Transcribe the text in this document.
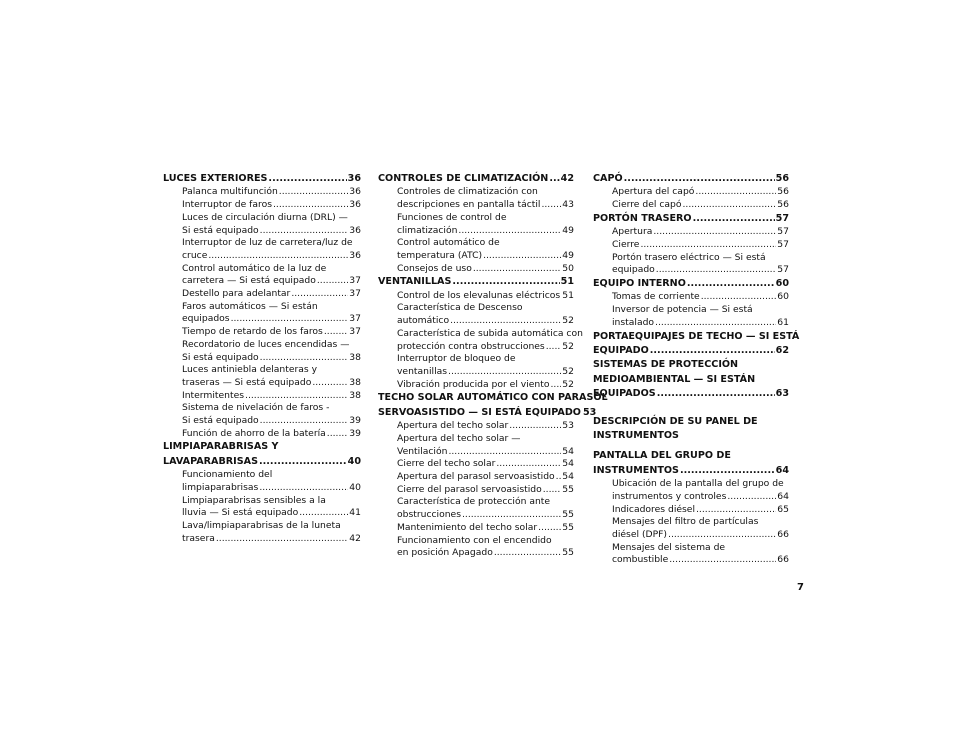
LUCES EXTERIORES .....	36
Palanca multifunción .....	36
Interruptor de faros .....	36
Luces de circulación diurna (DRL) —
Si está equipado .....	36
Interruptor de luz de carretera/luz de
cruce .....	36
Control automático de la luz de
carretera — Si está equipado .....	37
Destello para adelantar .....	37
Faros automáticos — Si están
equipados .....	37
Tiempo de retardo de los faros .....	37
Recordatorio de luces encendidas —
Si está equipado .....	38
Luces antiniebla delanteras y
traseras — Si está equipado .....	38
Intermitentes .....	38
Sistema de nivelación de faros -
Si está equipado .....	39
Función de ahorro de la batería .....	39
LIMPIAPARABRISAS Y
LAVAPARABRISAS .....	40
Funcionamiento del
limpiaparabrisas .....	40
Limpiaparabrisas sensibles a la
lluvia — Si está equipado .....	41
Lava/limpiaparabrisas de la luneta
trasera .....	42
CONTROLES DE CLIMATIZACIÓN ..... 42
Controles de climatización con
descripciones en pantalla táctil ..... 43
Funciones de control de
climatización .....	49
Control automático de
temperatura (ATC) .....	49
Consejos de uso .....	50
VENTANILLAS .....	51
Control de los elevalunas eléctricos ..... 51
Característica de Descenso
automático .....	52
Característica de subida automática con
protección contra obstrucciones ..... 52
Interruptor de bloqueo de
ventanillas .....	52
Vibración producida por el viento ..... 52
TECHO SOLAR AUTOMÁTICO CON PARASOL
SERVOASISTIDO — SI ESTÁ EQUIPADO 53
Apertura del techo solar .....	53
Apertura del techo solar —
Ventilación .....	54
Cierre del techo solar .....	54
Apertura del parasol servoasistido ..... 54
Cierre del parasol servoasistido ..... 55
Característica de protección ante
obstrucciones .....	55
Mantenimiento del techo solar .....	55
Funcionamiento con el encendido
en posición Apagado .....	55
CAPÓ .....	56
Apertura del capó .....	56
Cierre del capó .....	56
PORTÓN TRASERO .....	57
Apertura .....	57
Cierre .....	57
Portón trasero eléctrico — Si está
equipado .....	57
EQUIPO INTERNO .....	60
Tomas de corriente .....	60
Inversor de potencia — Si está
instalado .....	61
PORTAEQUIPAJES DE TECHO — SI ESTÁ
EQUIPADO .....	62
SISTEMAS DE PROTECCIÓN
MEDIOAMBIENTAL — SI ESTÁN
EQUIPADOS .....	63
DESCRIPCIÓN DE SU PANEL DE
INSTRUMENTOS
PANTALLA DEL GRUPO DE
INSTRUMENTOS .....	64
Ubicación de la pantalla del grupo de
instrumentos y controles .....	64
Indicadores diésel .....	65
Mensajes del filtro de partículas
diésel (DPF) .....	66
Mensajes del sistema de
combustible .....	66
7
